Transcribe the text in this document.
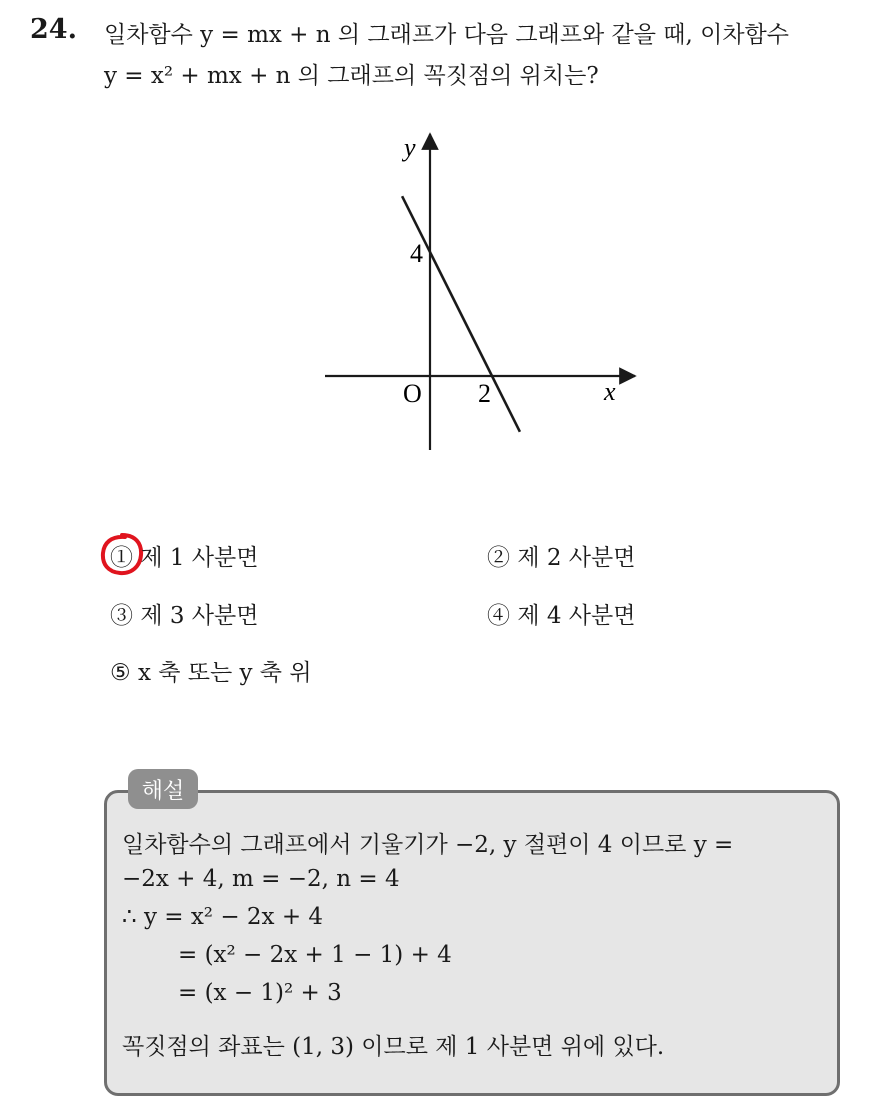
24. 일차함수 y = mx + n 의 그래프가 다음 그래프와 같을 때, 이차함수
y = x² + mx + n 의 그래프의 꼭짓점의 위치는?
y
x
O
4
2
① 제 1 사분면	② 제 2 사분면
③ 제 3 사분면	④ 제 4 사분면
⑤ x 축 또는 y 축 위
해설
일차함수의 그래프에서 기울기가 −2, y 절편이 4 이므로 y =
−2x + 4, m = −2, n = 4
∴ y = x² − 2x + 4
= (x² − 2x + 1 − 1) + 4
= (x − 1)² + 3
꼭짓점의 좌표는 (1, 3) 이므로 제 1 사분면 위에 있다.
